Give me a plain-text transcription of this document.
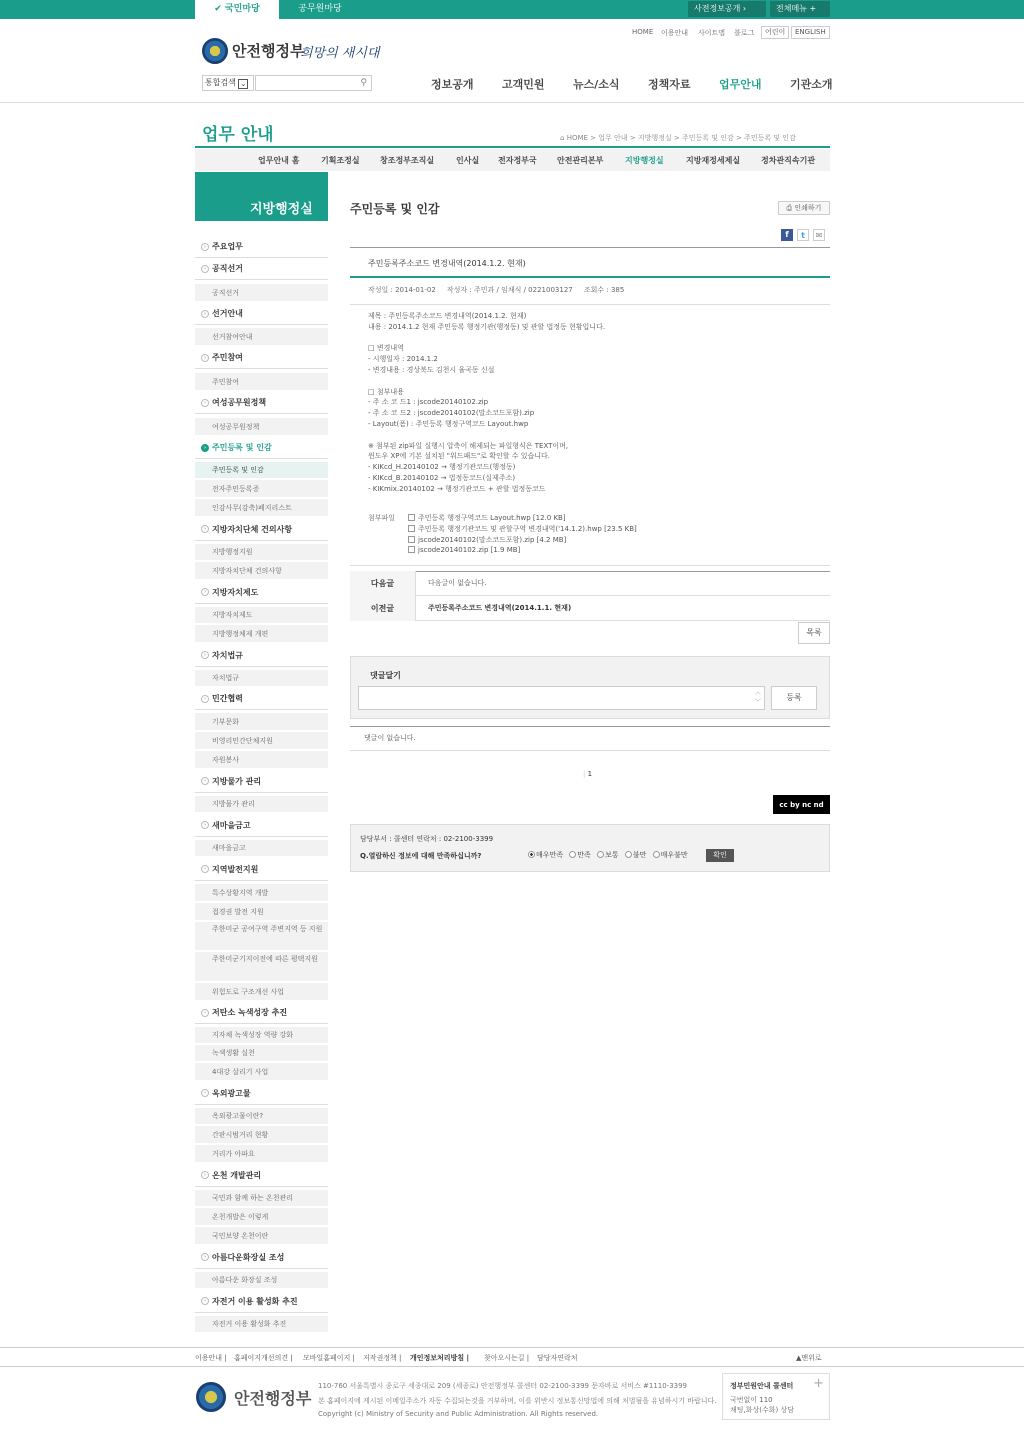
✔ 국민마당	공무원마당	사전정보공개 ›	전체메뉴 +
안전행정부
희망의 새시대
HOME 이용안내 사이트맵 블로그	어린이	ENGLISH
통합검색 ⌄	⚲	정보공개	고객민원	뉴스/소식	정책자료	업무안내	기관소개
업무 안내	⌂ HOME > 업무 안내 > 지방행정실 > 주민등록 및 인감 > 주민등록 및 인감
업무안내 홈	기획조정실	창조정부조직실	인사실 전자정부국	안전관리본부	지방행정실	지방재정세제실	정차관직속기관
지방행정실
› 주요업무
› 공직선거
공직선거
› 선거안내
선거참여안내
› 주민참여
주민참여
› 여성공무원정책
여성공무원정책
› 주민등록 및 인감
주민등록 및 인감
전자주민등록증
인감사무(감축)폐지리스트
› 지방자치단체 건의사항
지방행정지원
지방자치단체 건의사항
› 지방자치제도
지방자치제도
지방행정체제 개편
› 자치법규
자치법규
› 민간협력
기부문화
비영리민간단체지원
자원봉사
› 지방물가 관리
지방물가 관리
› 새마을금고
새마을금고
› 지역발전지원
특수상황지역 개발
접경권 발전 지원
주한미군 공여구역 주변지역 등 지원
주한미군기지이전에 따른 평택지원
위험도로 구조개선 사업
› 저탄소 녹색성장 추진
지자체 녹색성장 역량 강화
녹색생활 실천
4대강 살리기 사업
› 옥외광고물
옥외광고물이란?
간판시범거리 현황
거리가 아파요
› 온천 개발관리
국민과 함께 하는 온천관리
온천개발은 이렇게
국민보양 온천이란
› 아름다운화장실 조성
아름다운 화장실 조성
› 자전거 이용 활성화 추진
자전거 이용 활성화 추진
주민등록 및 인감	⎙ 인쇄하기
f	t	✉
주민등록주소코드 변경내역(2014.1.2. 현재)
작성일 : 2014-01-02     작성자 : 주민과 / 임채식 / 0221003127     조회수 : 385
제목 : 주민등록주소코드 변경내역(2014.1.2. 현재)
내용 : 2014.1.2 현재 주민등록 행정기관(행정동) 및 관할 법정동 현황입니다.
□ 변경내역
- 시행일자 : 2014.1.2
- 변경내용 : 경상북도 김천시 율곡동 신설
□ 첨부내용
- 주 소 코 드1 : jscode20140102.zip
- 주 소 코 드2 : jscode20140102(말소코드포함).zip
- Layout(폼) : 주민등록 행정구역코드 Layout.hwp
※ 첨부된 zip파일 실행시 압축이 해제되는 파일형식은 TEXT이며,
윈도우 XP에 기본 설치된 "워드패드"로 확인할 수 있습니다.
- KIKcd_H.20140102 → 행정기관코드(행정동)
- KIKcd_B.20140102 → 법정동코드(실제주소)
- KIKmix.20140102 → 행정기관코드 + 관할 법정동코드
첨부파일	주민등록 행정구역코드 Layout.hwp [12.0 KB]
주민등록 행정기관코드 및 관할구역 변경내역('14.1.2).hwp [23.5 KB]
jscode20140102(말소코드포함).zip [4.2 MB]
jscode20140102.zip [1.9 MB]
다음글	다음글이 없습니다.
이전글	주민등록주소코드 변경내역(2014.1.1. 현재)
목록
댓글달기
︿
﹀
등록
댓글이 없습니다.
| 1
cc by nc nd
담당부서 : 콜센터 연락처 : 02-2100-3399
Q.열람하신 정보에 대해 만족하십니까?	매우만족 만족 보통 불만 매우불만	확인
이용안내 | 홈페이지개선의견 | 모바일홈페이지 | 저작권정책 | 개인정보처리방침 | 찾아오시는길 | 담당자연락처	▲맨위로
안전행정부
110-760 서울특별시 종로구 세종대로 209 (세종로) 안전행정부 콜센터 02-2100-3399 문자바로 서비스 #1110-3399
본 홈페이지에 게시된 이메일주소가 자동 수집되는것을 거부하며, 이를 위반시 정보통신망법에 의해 처벌됨을 유념하시기 바랍니다.
Copyright (c) Ministry of Security and Public Administration. All Rights reserved.
정부민원안내 콜센터 +
국번없이 110
채팅,화상(수화) 상담
